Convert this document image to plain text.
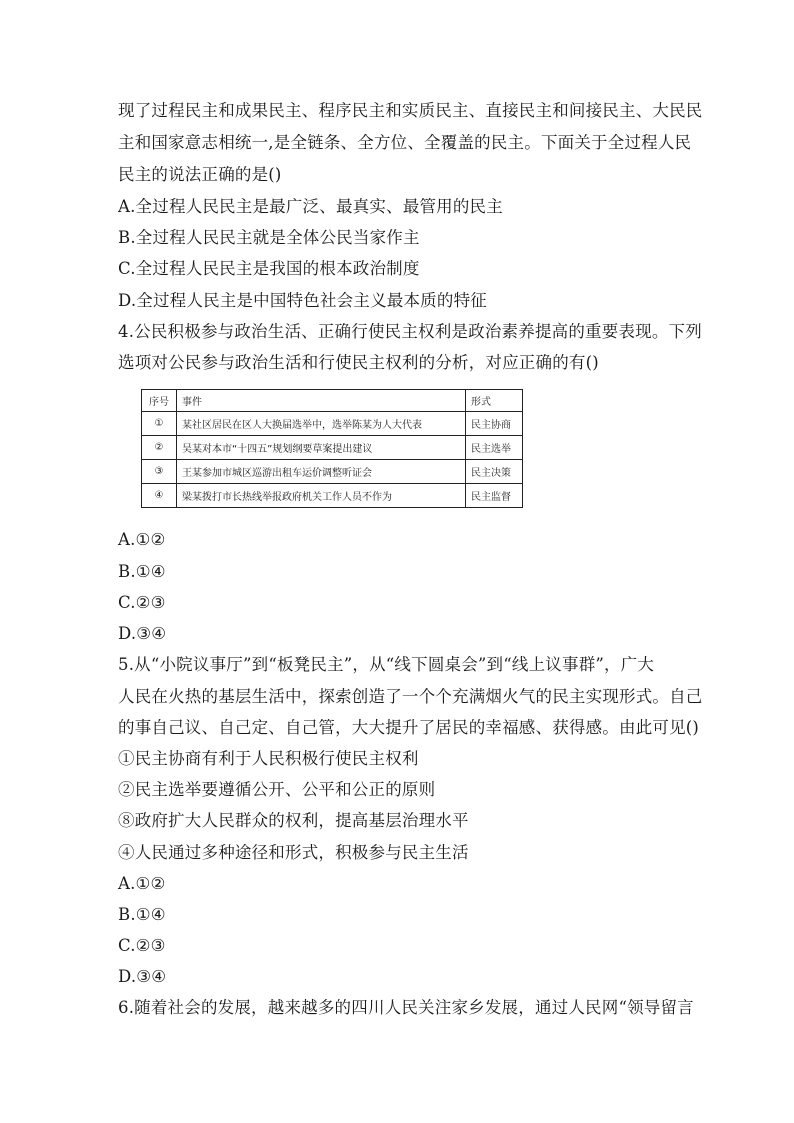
现了过程民主和成果民主、程序民主和实质民主、直接民主和间接民主、大民民
主和国家意志相统一,是全链条、全方位、全覆盖的民主。下面关于全过程人民
民主的说法正确的是()
A.全过程人民民主是最广泛、最真实、最管用的民主
B.全过程人民民主就是全体公民当家作主
C.全过程人民民主是我国的根本政治制度
D.全过程人民主是中国特色社会主义最本质的特征
4.公民积极参与政治生活、正确行使民主权利是政治素养提高的重要表现。下列
选项对公民参与政治生活和行使民主权利的分析，对应正确的有()
序号	事件	形式
①	某社区居民在区人大换届选举中，选举陈某为人大代表	民主协商
②	吴某对本市“十四五”规划纲要草案提出建议	民主选举
③	王某参加市城区巡游出租车运价调整听证会	民主决策
④	梁某拨打市长热线举报政府机关工作人员不作为	民主监督
A.①②
B.①④
C.②③
D.③④
5.从“小院议事厅”到“板凳民主”，从“线下圆桌会”到“线上议事群”，广大
人民在火热的基层生活中，探索创造了一个个充满烟火气的民主实现形式。自己
的事自己议、自己定、自己管，大大提升了居民的幸福感、获得感。由此可见()
①民主协商有利于人民积极行使民主权利
②民主选举要遵循公开、公平和公正的原则
⑧政府扩大人民群众的权利，提高基层治理水平
④人民通过多种途径和形式，积极参与民主生活
A.①②
B.①④
C.②③
D.③④
6.随着社会的发展，越来越多的四川人民关注家乡发展，通过人民网“领导留言
